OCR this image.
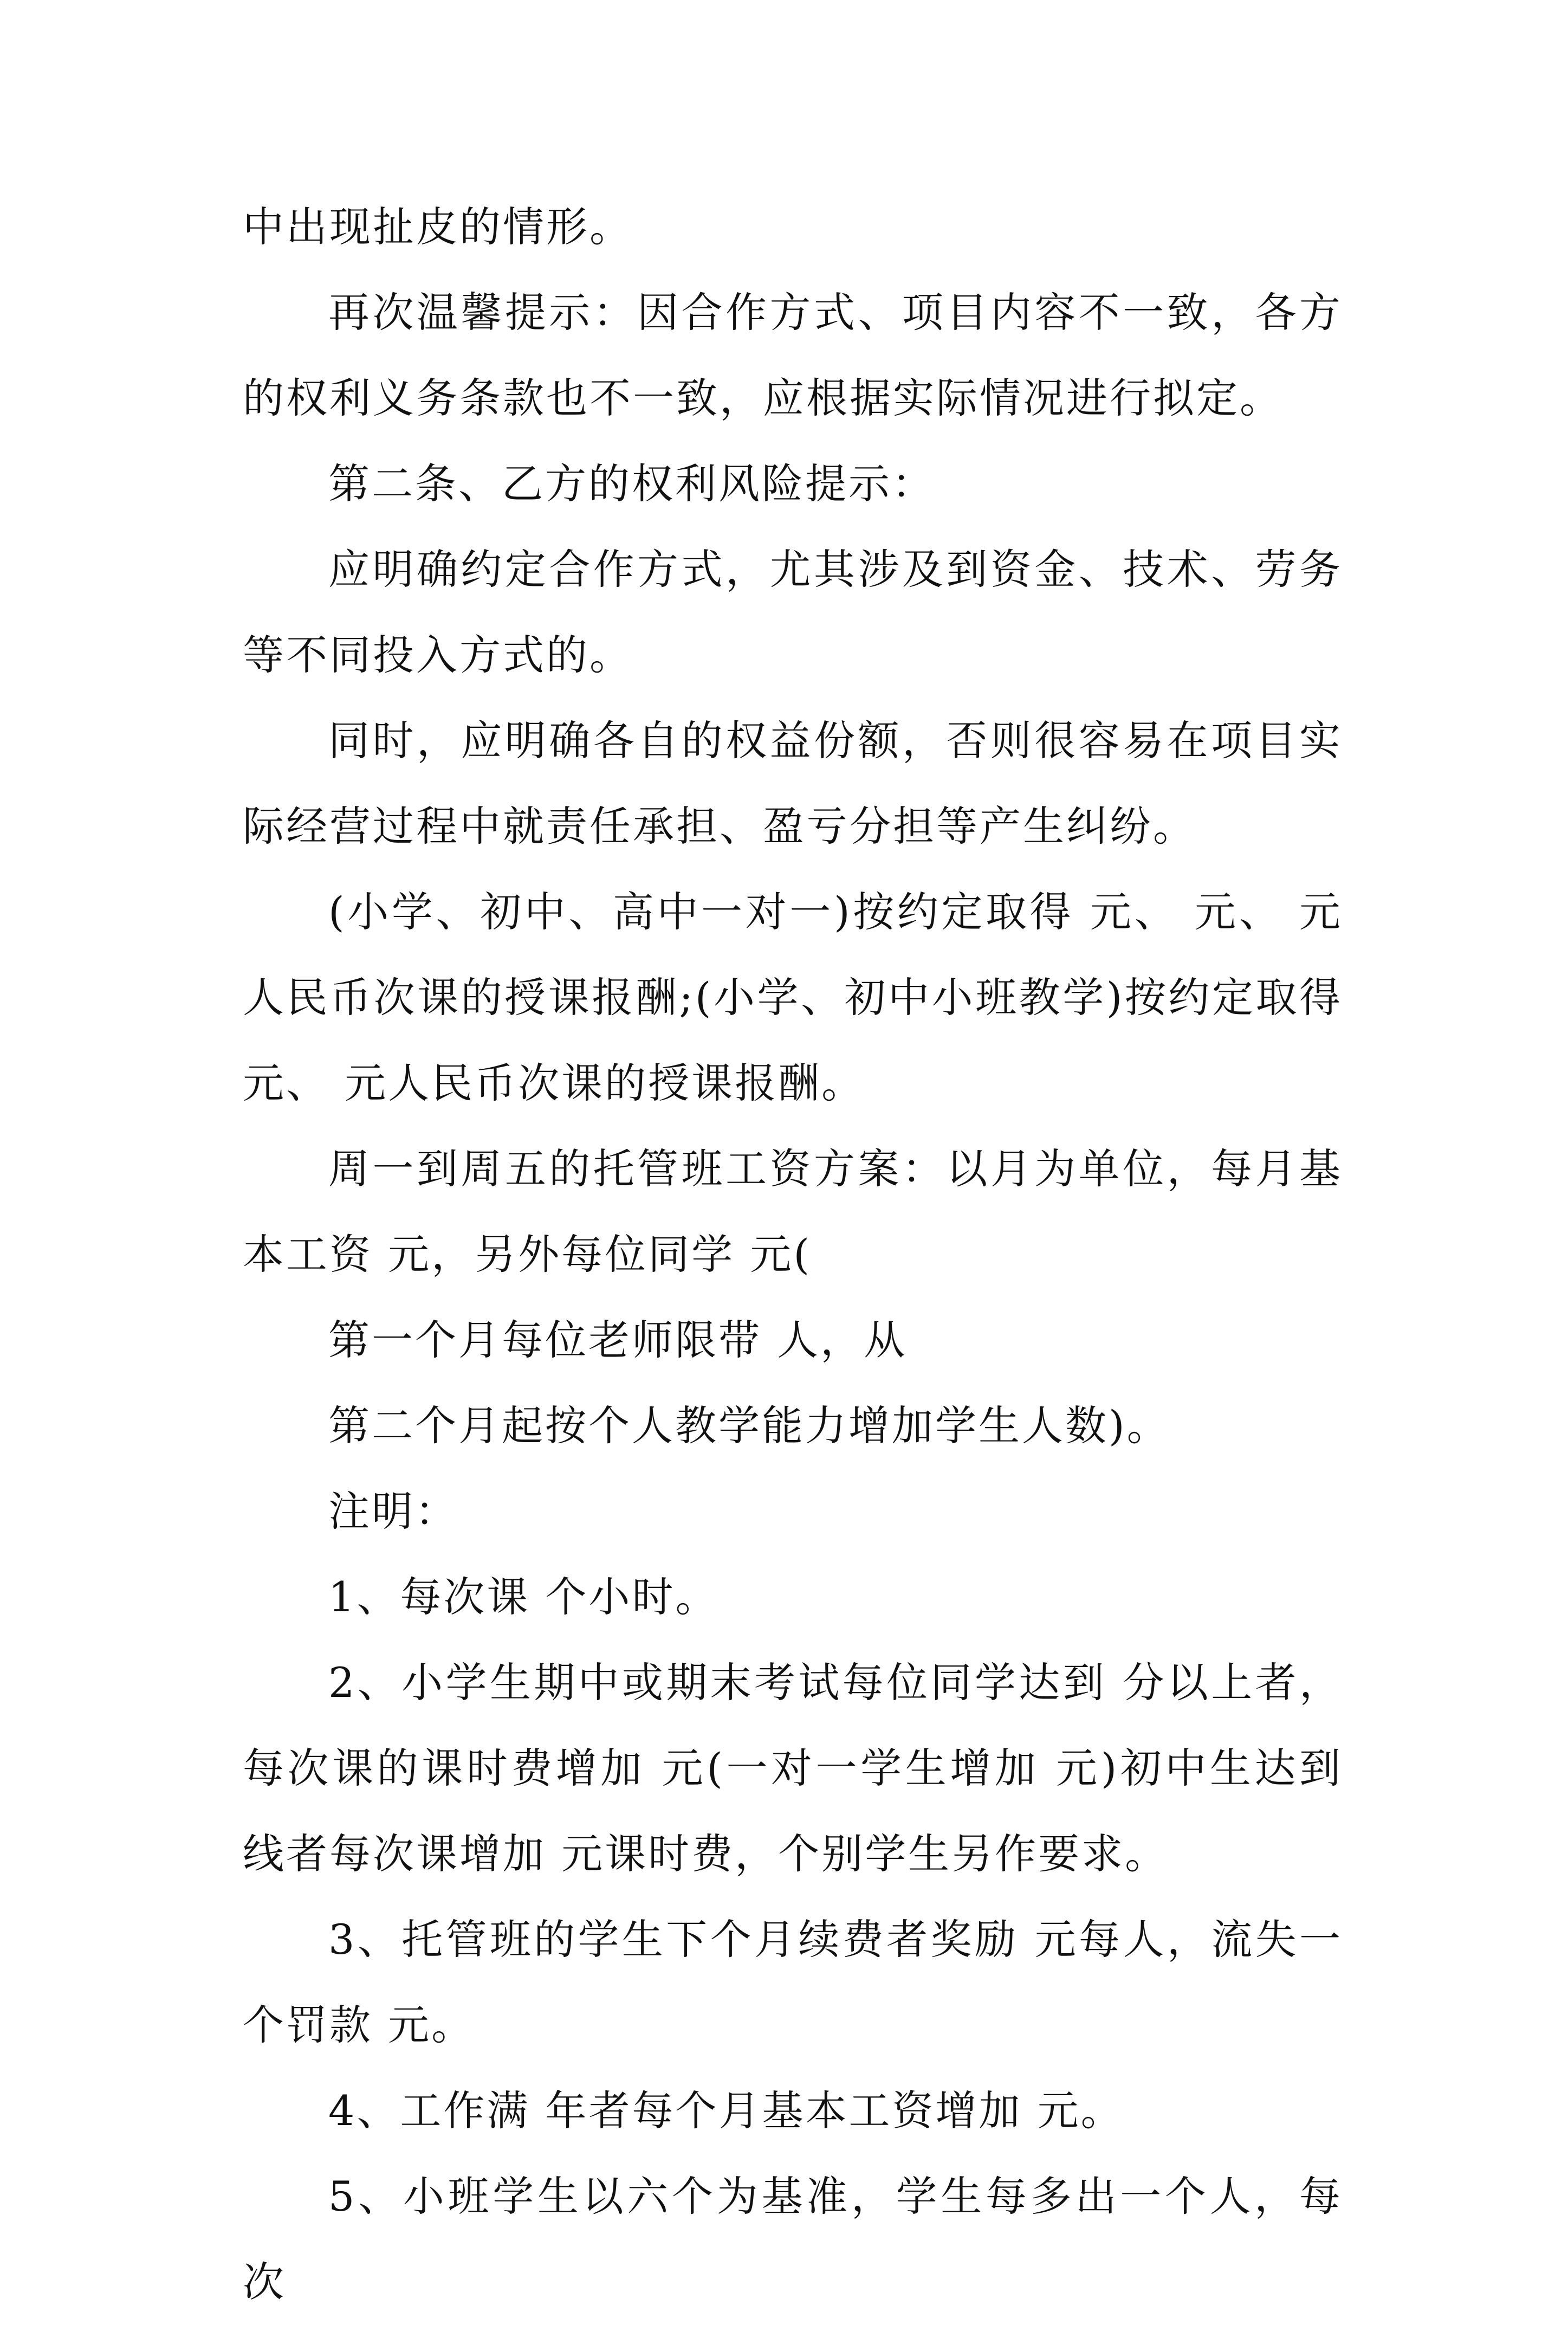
中出现扯皮的情形。

再次温馨提示：因合作方式、项目内容不一致，各方的权利义务条款也不一致，应根据实际情况进行拟定。

第二条、乙方的权利风险提示：

应明确约定合作方式，尤其涉及到资金、技术、劳务等不同投入方式的。

同时，应明确各自的权益份额，否则很容易在项目实际经营过程中就责任承担、盈亏分担等产生纠纷。

(小学、初中、高中一对一)按约定取得 元、 元、 元人民币次课的授课报酬;(小学、初中小班教学)按约定取得 元、 元人民币次课的授课报酬。

周一到周五的托管班工资方案：以月为单位，每月基本工资 元，另外每位同学 元(

第一个月每位老师限带 人，从

第二个月起按个人教学能力增加学生人数)。

注明：

1、每次课 个小时。

2、小学生期中或期末考试每位同学达到 分以上者，每次课的课时费增加 元(一对一学生增加 元)初中生达到 线者每次课增加 元课时费，个别学生另作要求。

3、托管班的学生下个月续费者奖励 元每人，流失一个罚款 元。

4、工作满 年者每个月基本工资增加 元。

5、小班学生以六个为基准，学生每多出一个人，每次
